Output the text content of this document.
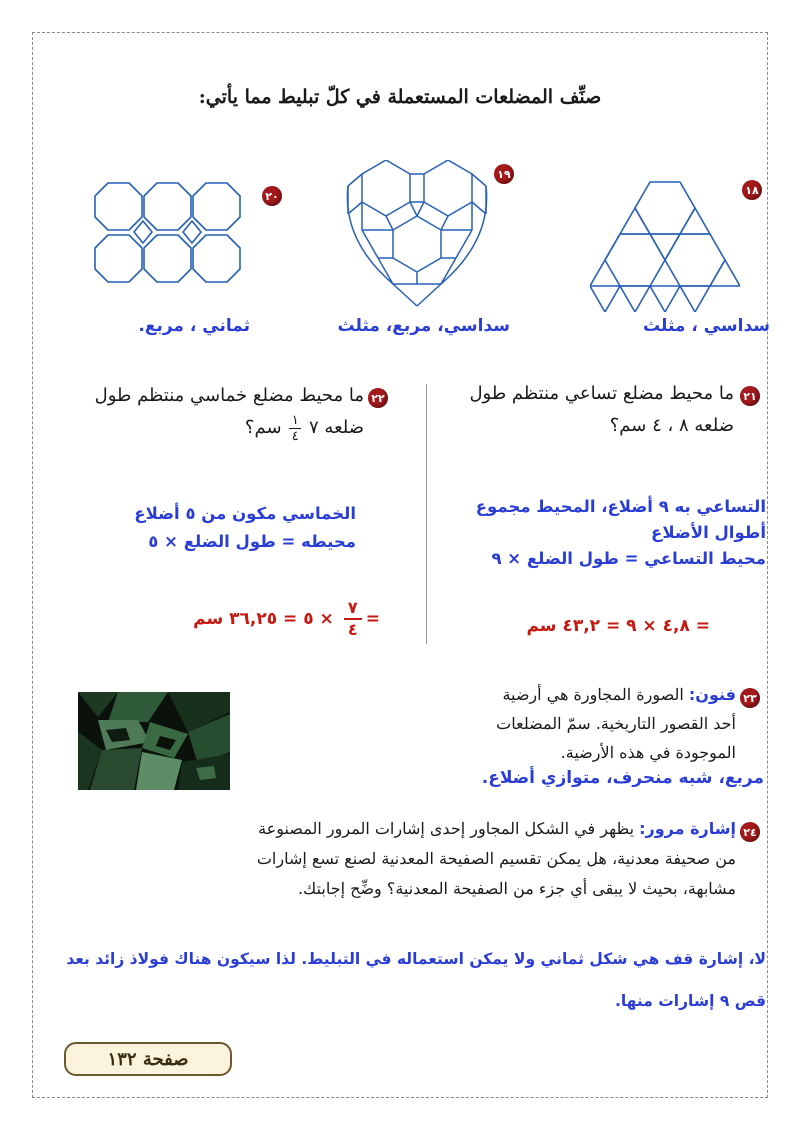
صنِّف المضلعات المستعملة في كلّ تبليط مما يأتي:
١٨
١٩
٢٠
سداسي ، مثلث
سداسي، مربع، مثلث
ثماني ، مربع.
٢١
ما محيط مضلع تساعي منتظم طول
ضلعه ٨ ، ٤ سم؟
التساعي به ٩ أضلاع، المحيط مجموع
أطوال الأضلاع
محيط التساعي = طول الضلع × ٩
= ٤,٨ × ٩ = ٤٣,٢ سم
٢٢
ما محيط مضلع خماسي منتظم طول
ضلعه ٧
$\frac{١}{٤}$
سم؟
الخماسي مكون من ٥ أضلاع
محيطه = طول الضلع × ٥
=
$\frac{٧}{٤}$
× ٥ = ٣٦,٢٥ سم
٢٣
فنون: الصورة المجاورة هي أرضية
أحد القصور التاريخية. سمّ المضلعات
الموجودة في هذه الأرضية.
مربع، شبه منحرف، متوازي أضلاع.
٢٤
إشارة مرور: يظهر في الشكل المجاور إحدى إشارات المرور المصنوعة
من صحيفة معدنية، هل يمكن تقسيم الصفيحة المعدنية لصنع تسع إشارات
مشابهة، بحيث لا يبقى أي جزء من الصفيحة المعدنية؟ وضِّح إجابتك.
لا، إشارة قف هي شكل ثماني ولا يمكن استعماله في التبليط. لذا سيكون هناك فولاذ زائد بعد
قص ٩ إشارات منها.
صفحة ١٣٢
